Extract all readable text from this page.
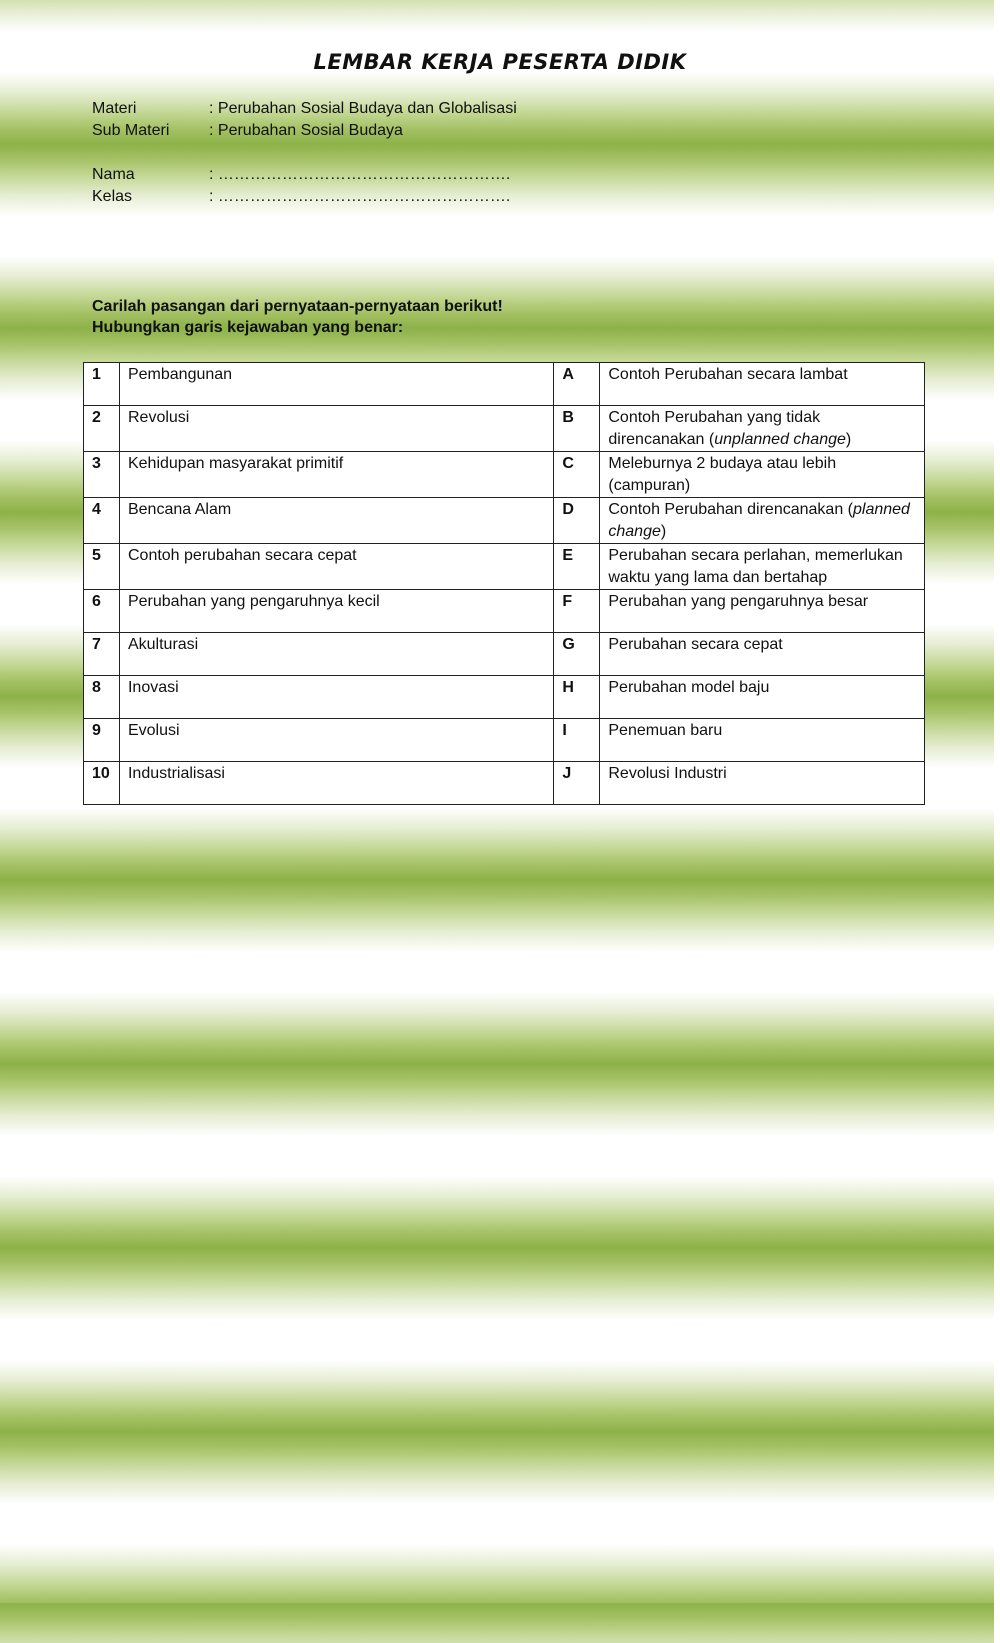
LEMBAR KERJA PESERTA DIDIK
Materi	: Perubahan Sosial Budaya dan Globalisasi
Sub Materi : Perubahan Sosial Budaya
Nama	: ……………………………………………….
Kelas	: ……………………………………………….
Carilah pasangan dari pernyataan-pernyataan berikut!
Hubungkan garis kejawaban yang benar:
1	Pembangunan	A	Contoh Perubahan secara lambat
2	Revolusi	B	Contoh Perubahan yang tidak direncanakan (unplanned change)
3	Kehidupan masyarakat primitif	C	Meleburnya 2 budaya atau lebih (campuran)
4	Bencana Alam	D	Contoh Perubahan direncanakan (planned change)
5	Contoh perubahan secara cepat	E	Perubahan secara perlahan, memerlukan waktu yang lama dan bertahap
6	Perubahan yang pengaruhnya kecil	F	Perubahan yang pengaruhnya besar
7	Akulturasi	G	Perubahan secara cepat
8	Inovasi	H	Perubahan model baju
9	Evolusi	I	Penemuan baru
10	Industrialisasi	J	Revolusi Industri
